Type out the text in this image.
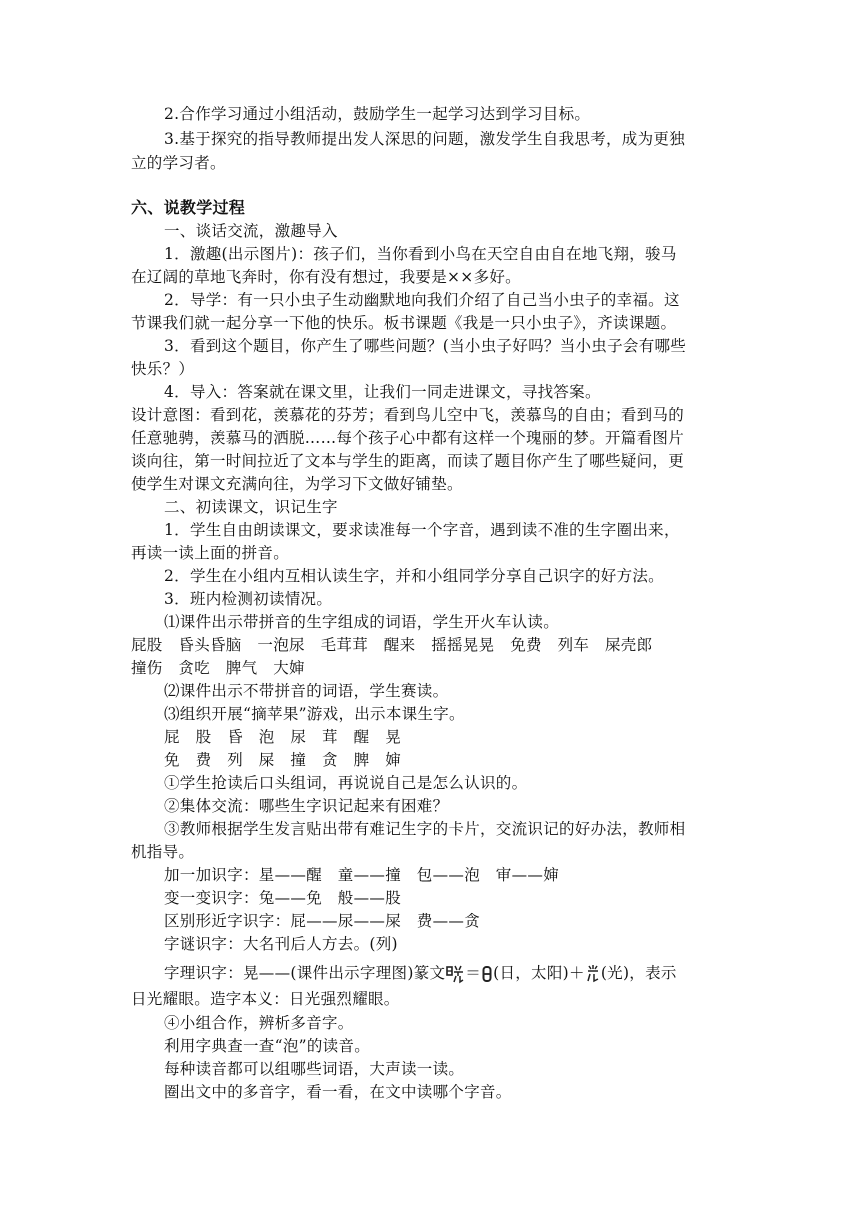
2.合作学习通过小组活动，鼓励学生一起学习达到学习目标。
3.基于探究的指导教师提出发人深思的问题，激发学生自我思考，成为更独
立的学习者。
六、说教学过程
一、谈话交流，激趣导入
1．激趣(出示图片)：孩子们，当你看到小鸟在天空自由自在地飞翔，骏马
在辽阔的草地飞奔时，你有没有想过，我要是××多好。
2．导学：有一只小虫子生动幽默地向我们介绍了自己当小虫子的幸福。这
节课我们就一起分享一下他的快乐。板书课题《我是一只小虫子》，齐读课题。
3．看到这个题目，你产生了哪些问题？(当小虫子好吗？当小虫子会有哪些
快乐？）
4．导入：答案就在课文里，让我们一同走进课文，寻找答案。
设计意图：看到花，羡慕花的芬芳；看到鸟儿空中飞，羡慕鸟的自由；看到马的
任意驰骋，羡慕马的洒脱……每个孩子心中都有这样一个瑰丽的梦。开篇看图片
谈向往，第一时间拉近了文本与学生的距离，而读了题目你产生了哪些疑问，更
使学生对课文充满向往，为学习下文做好铺垫。
二、初读课文，识记生字
1．学生自由朗读课文，要求读准每一个字音，遇到读不准的生字圈出来，
再读一读上面的拼音。
2．学生在小组内互相认读生字，并和小组同学分享自己识字的好方法。
3．班内检测初读情况。
⑴课件出示带拼音的生字组成的词语，学生开火车认读。
屁股　昏头昏脑　一泡尿　毛茸茸　醒来　摇摇晃晃　免费　列车　屎壳郎
撞伤　贪吃　脾气　大婶
⑵课件出示不带拼音的词语，学生赛读。
⑶组织开展“摘苹果”游戏，出示本课生字。
屁　股　昏　泡　尿　茸　醒　晃
免　费　列　屎　撞　贪　脾　婶
①学生抢读后口头组词，再说说自己是怎么认识的。
②集体交流：哪些生字识记起来有困难？
③教师根据学生发言贴出带有难记生字的卡片，交流识记的好办法，教师相
机指导。
加一加识字：星——醒　童——撞　包——泡　审——婶
变一变识字：兔——免　般——股
区别形近字识字：屁——尿——屎　费——贪
字谜识字：大名刊后人方去。(列)
字理识字：晃——(课件出示字理图)篆文 ＝ (日，太阳)＋ (光)，表示
日光耀眼。造字本义：日光强烈耀眼。
④小组合作，辨析多音字。
利用字典查一查“泡”的读音。
每种读音都可以组哪些词语，大声读一读。
圈出文中的多音字，看一看，在文中读哪个字音。
